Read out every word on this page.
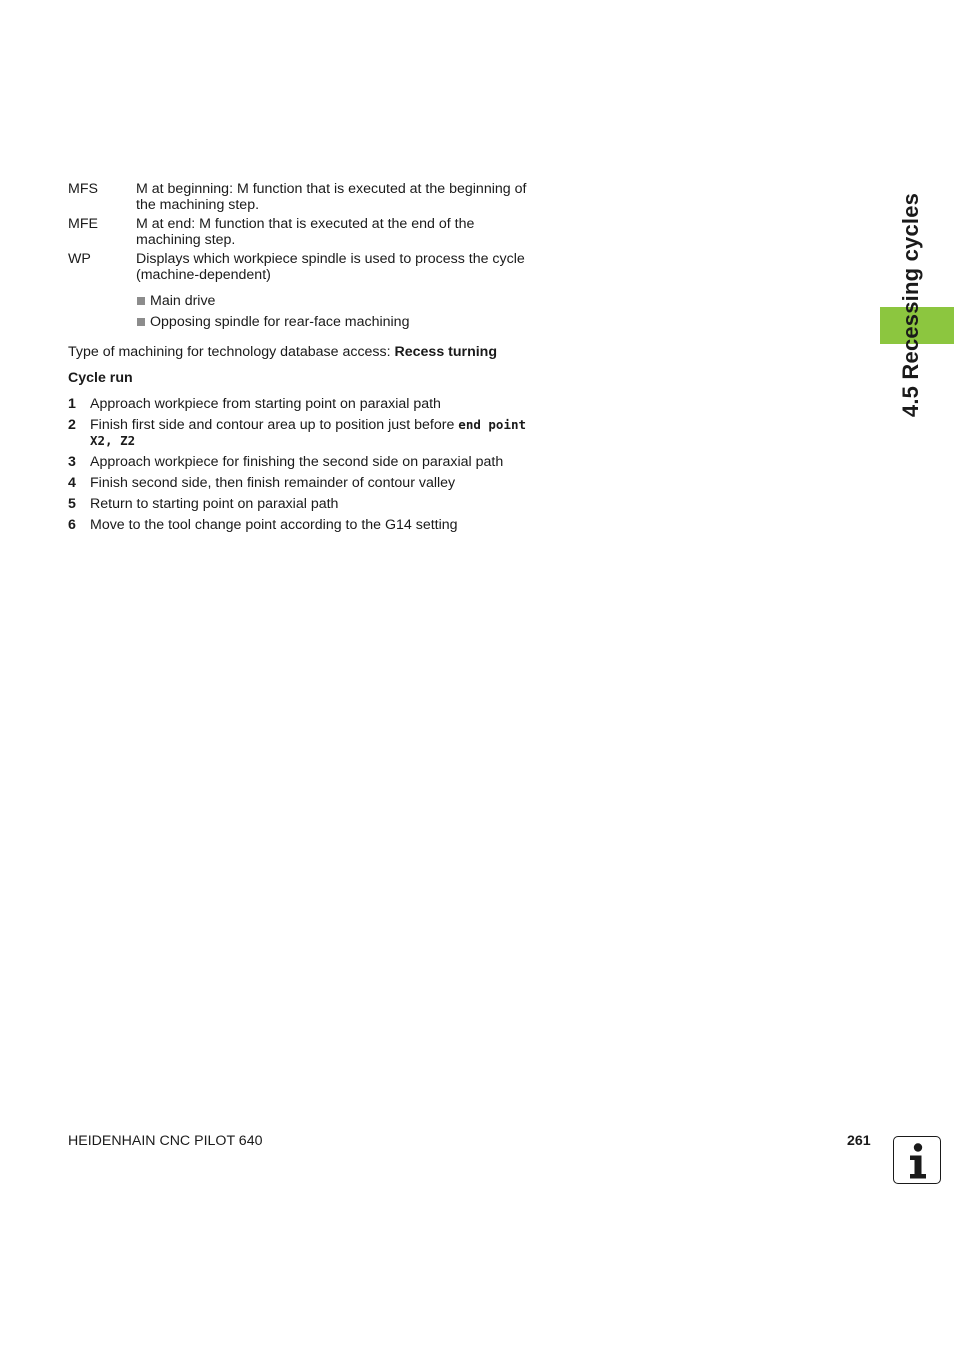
MFS	M at beginning: M function that is executed at the beginning of the machining step.
MFE	M at end: M function that is executed at the end of the machining step.
WP	Displays which workpiece spindle is used to process the cycle (machine-dependent)
Main drive
Opposing spindle for rear-face machining
Type of machining for technology database access: Recess turning
Cycle run
1 Approach workpiece from starting point on paraxial path
2 Finish first side and contour area up to position just before end point X2, Z2
3 Approach workpiece for finishing the second side on paraxial path
4 Finish second side, then finish remainder of contour valley
5 Return to starting point on paraxial path
6 Move to the tool change point according to the G14 setting
4.5 Recessing cycles
HEIDENHAIN CNC PILOT 640	261
